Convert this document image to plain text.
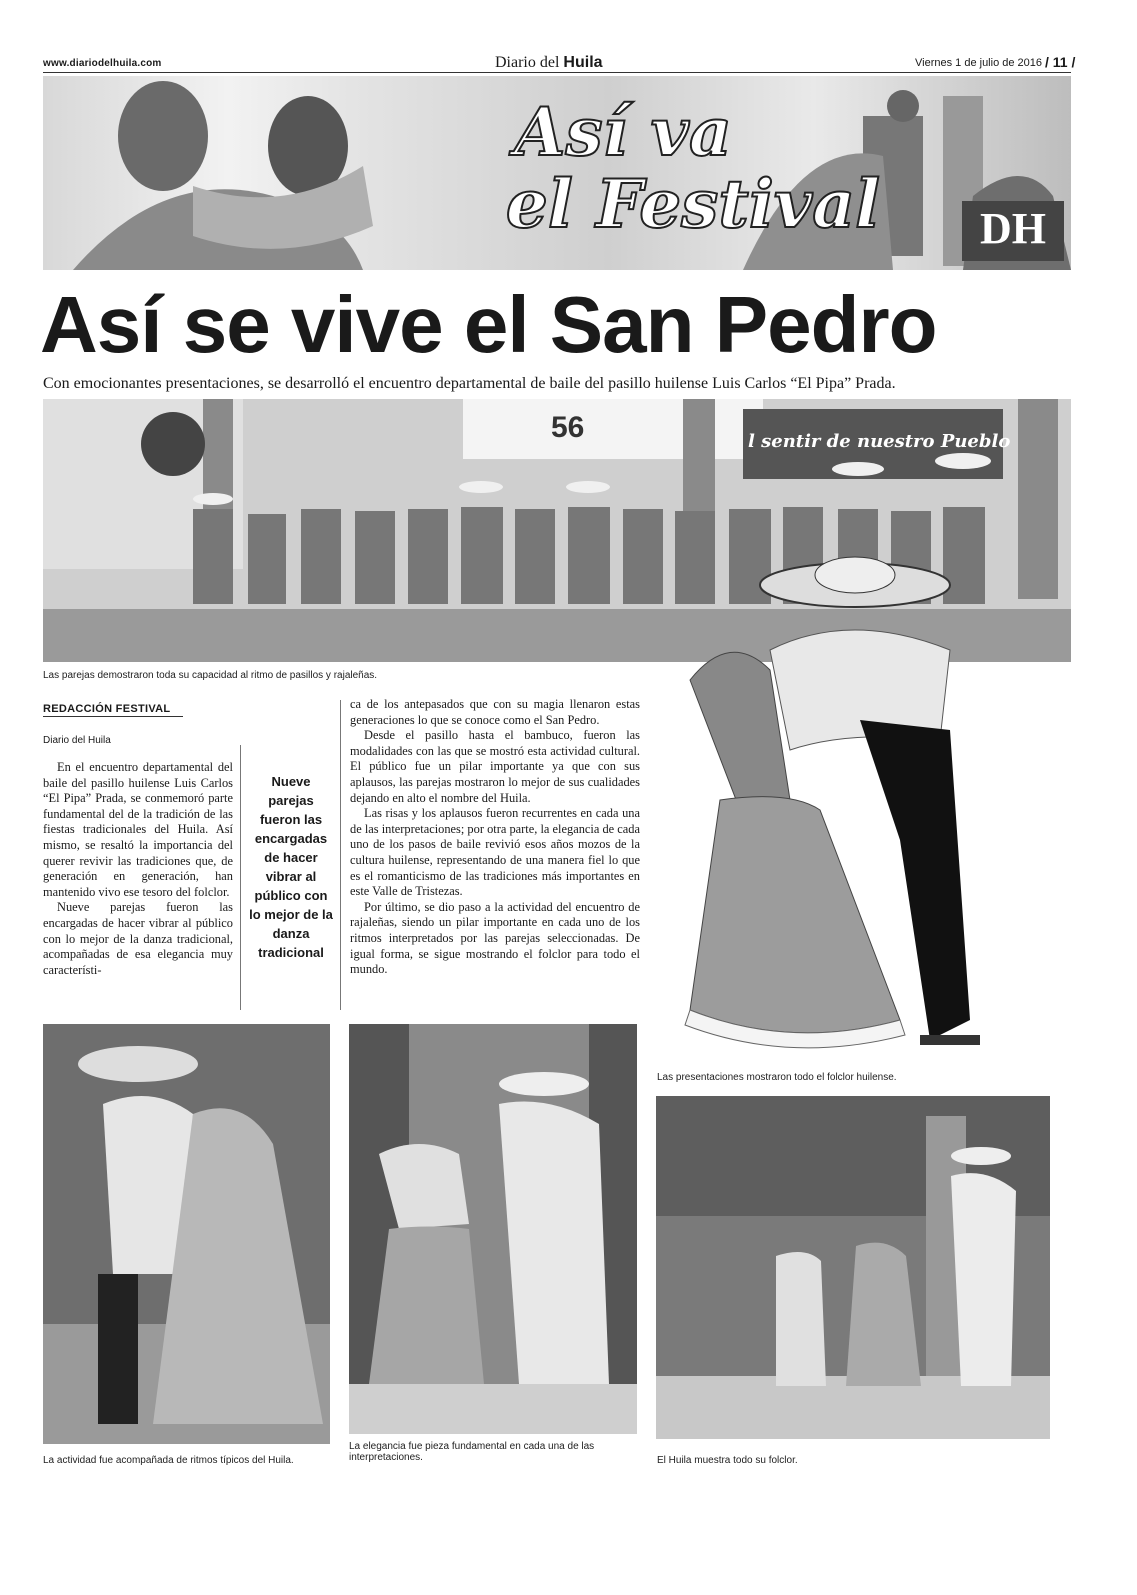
www.diariodelhuila.com	Diario del Huila	Viernes 1 de julio de 2016 / 11 /
Así va
el Festival	DH
Así se vive el San Pedro
Con emocionantes presentaciones, se desarrolló el encuentro departamental de baile del pasillo huilense Luis Carlos “El Pipa” Prada.
l sentir de nuestro Pueblo
56
Las parejas demostraron toda su capacidad al ritmo de pasillos y rajaleñas.
Las presentaciones mostraron todo el folclor huilense.
REDACCIÓN FESTIVAL
Diario del Huila

En el encuentro departamental del baile del pasillo huilense Luis Carlos “El Pipa” Prada, se conmemoró parte fundamental del de la tradición de las fiestas tradicionales del Huila. Así mismo, se resaltó la importancia del querer revivir las tradiciones que, de generación en generación, han mantenido vivo ese tesoro del folclor.

Nueve parejas fueron las encargadas de hacer vibrar al público con lo mejor de la danza tradicional, acompañadas de esa elegancia muy característi-

Nueve parejas fueron las encargadas de hacer vibrar al público con lo mejor de la danza tradicional

ca de los antepasados que con su magia llenaron estas generaciones lo que se conoce como el San Pedro.

Desde el pasillo hasta el bambuco, fueron las modalidades con las que se mostró esta actividad cultural. El público fue un pilar importante ya que con sus aplausos, las parejas mostraron lo mejor de sus cualidades dejando en alto el nombre del Huila.

Las risas y los aplausos fueron recurrentes en cada una de las interpretaciones; por otra parte, la elegancia de cada uno de los pasos de baile revivió esos años mozos de la cultura huilense, representando de una manera fiel lo que es el romanticismo de las tradiciones más importantes en este Valle de Tristezas.

Por último, se dio paso a la actividad del encuentro de rajaleñas, siendo un pilar importante en cada uno de los ritmos interpretados por las parejas seleccionadas. De igual forma, se sigue mostrando el folclor para todo el mundo.

La actividad fue acompañada de ritmos típicos del Huila.
La elegancia fue pieza fundamental en cada una de las interpretaciones.	El Huila muestra todo su folclor.
